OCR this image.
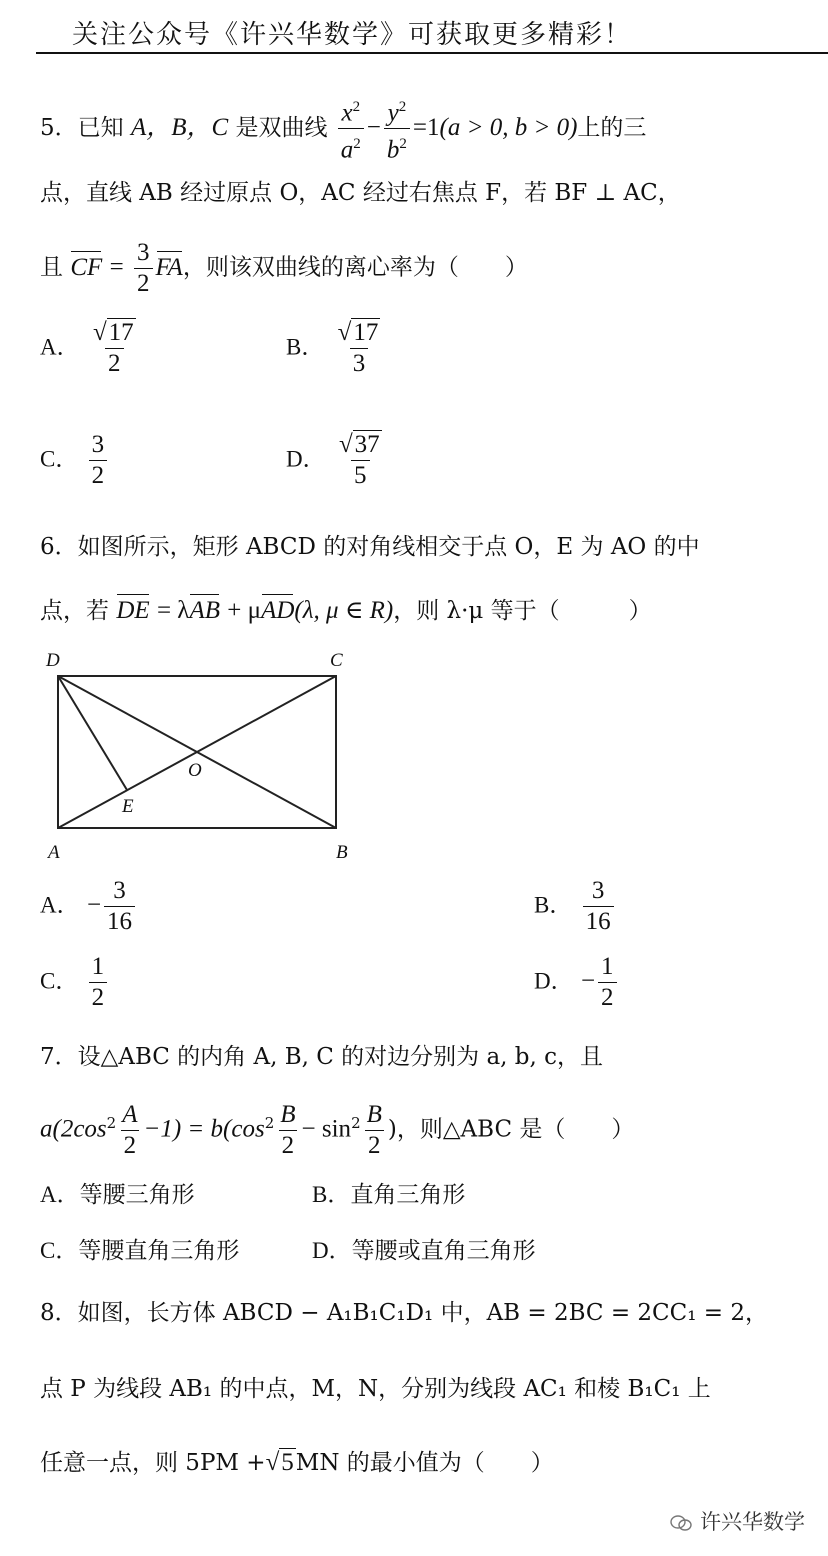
关注公众号《许兴华数学》可获取更多精彩！
5．已知 A，B，C 是双曲线 $\frac{x^2}{a^2} - \frac{y^2}{b^2} =1(a > 0$, b > 0)上的三
点，直线 AB 经过原点 O，AC 经过右焦点 F，若 BF ⊥ AC，
且 CF = $\frac{3}{2}$ FA，则该双曲线的离心率为（　　）
A． $\frac{√17}{2}$	B． $\frac{√17}{3}$
C． $\frac{3}{2}$	D． $\frac{√37}{5}$
6．如图所示，矩形 ABCD 的对角线相交于点 O，E 为 AO 的中
点，若 DE = λAB + μAD(λ, μ ∈ R)，则 λ·μ 等于（　　　）
D	C
A	B
O
E
A． − $\frac{3}{16}$	B． $\frac{3}{16}$
C． $\frac{1}{2}$	D． − $\frac{1}{2}$
7．设△ABC 的内角 A, B, C 的对边分别为 a, b, c，且
$a(2\cos^2 \frac{A}{2} -1) = b(\cos^2 \frac{B}{2} - \sin^2 \frac{B}{2}$ )，则△ABC 是（　　）
A．等腰三角形	B．直角三角形
C．等腰直角三角形	D．等腰或直角三角形
8．如图，长方体 ABCD − A₁B₁C₁D₁ 中，AB = 2BC = 2CC₁ = 2，
点 P 为线段 AB₁ 的中点，M，N，分别为线段 AC₁ 和棱 B₁C₁ 上
任意一点，则 5PM +√5MN 的最小值为（　　）
许兴华数学
